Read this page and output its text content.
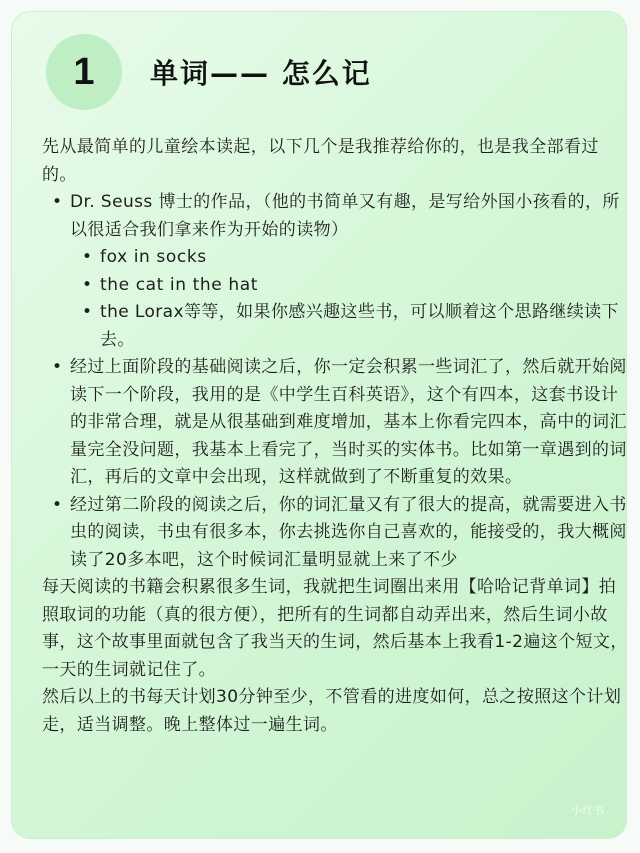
1 单词—— 怎么记

先从最简单的儿童绘本读起，以下几个是我推荐给你的，也是我全部看过的。

• Dr. Seuss 博士的作品，（他的书简单又有趣，是写给外国小孩看的，所以很适合我们拿来作为开始的读物）
• fox in socks
• the cat in the hat
• the Lorax等等，如果你感兴趣这些书，可以顺着这个思路继续读下去。
• 经过上面阶段的基础阅读之后，你一定会积累一些词汇了，然后就开始阅读下一个阶段，我用的是《中学生百科英语》，这个有四本，这套书设计的非常合理，就是从很基础到难度增加，基本上你看完四本，高中的词汇量完全没问题，我基本上看完了，当时买的实体书。比如第一章遇到的词汇，再后的文章中会出现，这样就做到了不断重复的效果。
• 经过第二阶段的阅读之后，你的词汇量又有了很大的提高，就需要进入书虫的阅读，书虫有很多本，你去挑选你自己喜欢的，能接受的，我大概阅读了20多本吧，这个时候词汇量明显就上来了不少

每天阅读的书籍会积累很多生词，我就把生词圈出来用【哈哈记背单词】拍照取词的功能（真的很方便），把所有的生词都自动弄出来，然后生词小故事，这个故事里面就包含了我当天的生词，然后基本上我看1-2遍这个短文，一天的生词就记住了。

然后以上的书每天计划30分钟至少，不管看的进度如何，总之按照这个计划走，适当调整。晚上整体过一遍生词。

小红书
